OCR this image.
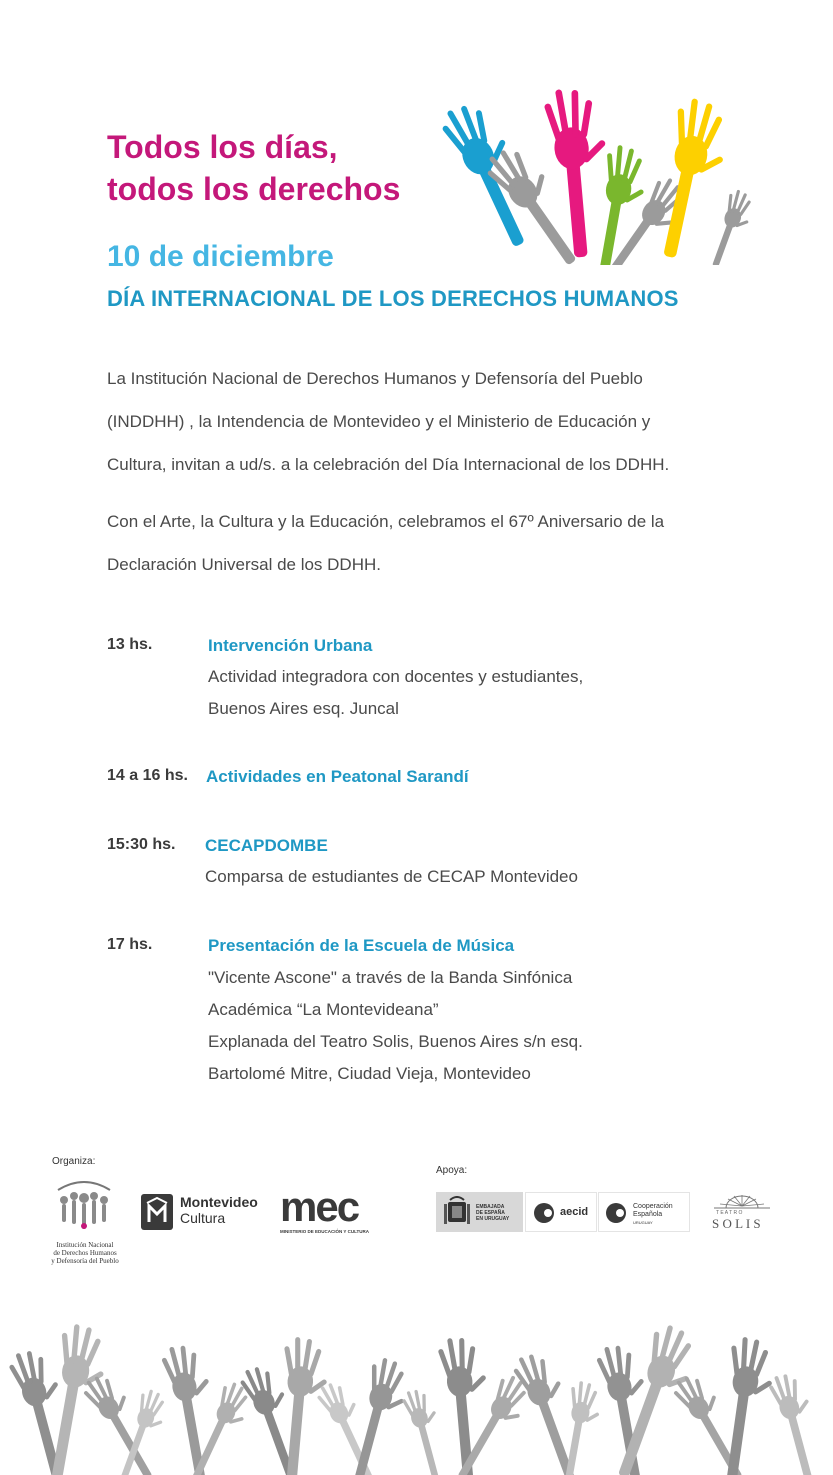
Todos los días,
todos los derechos
10 de diciembre
DÍA INTERNACIONAL DE LOS DERECHOS HUMANOS
La Institución Nacional de Derechos Humanos y Defensoría del Pueblo
(INDDHH) , la Intendencia de Montevideo y el Ministerio de Educación y
Cultura, invitan a ud/s. a la celebración del Día Internacional de los DDHH.
Con el Arte, la Cultura y la Educación, celebramos el 67º Aniversario de la
Declaración Universal de los DDHH.
13 hs.	Intervención Urbana
Actividad integradora con docentes y estudiantes,
Buenos Aires esq. Juncal
14 a 16 hs. Actividades en Peatonal Sarandí
15:30 hs. CECAPDOMBE
Comparsa de estudiantes de CECAP Montevideo
17 hs.	Presentación de la Escuela de Música
"Vicente Ascone" a través de la Banda Sinfónica
Académica “La Montevideana”
Explanada del Teatro Solis, Buenos Aires s/n esq.
Bartolomé Mitre, Ciudad Vieja, Montevideo
Organiza:
Apoya:
Institución Nacional
de Derechos Humanos
y Defensoría del Pueblo
Montevideo
Cultura	mec
MINISTERIO DE EDUCACIÓN Y CULTURA
EMBAJADA
DE ESPAÑA
EN URUGUAY
aecid	Cooperación
Española
URUGUAY
T E A T R O
S O L I S
